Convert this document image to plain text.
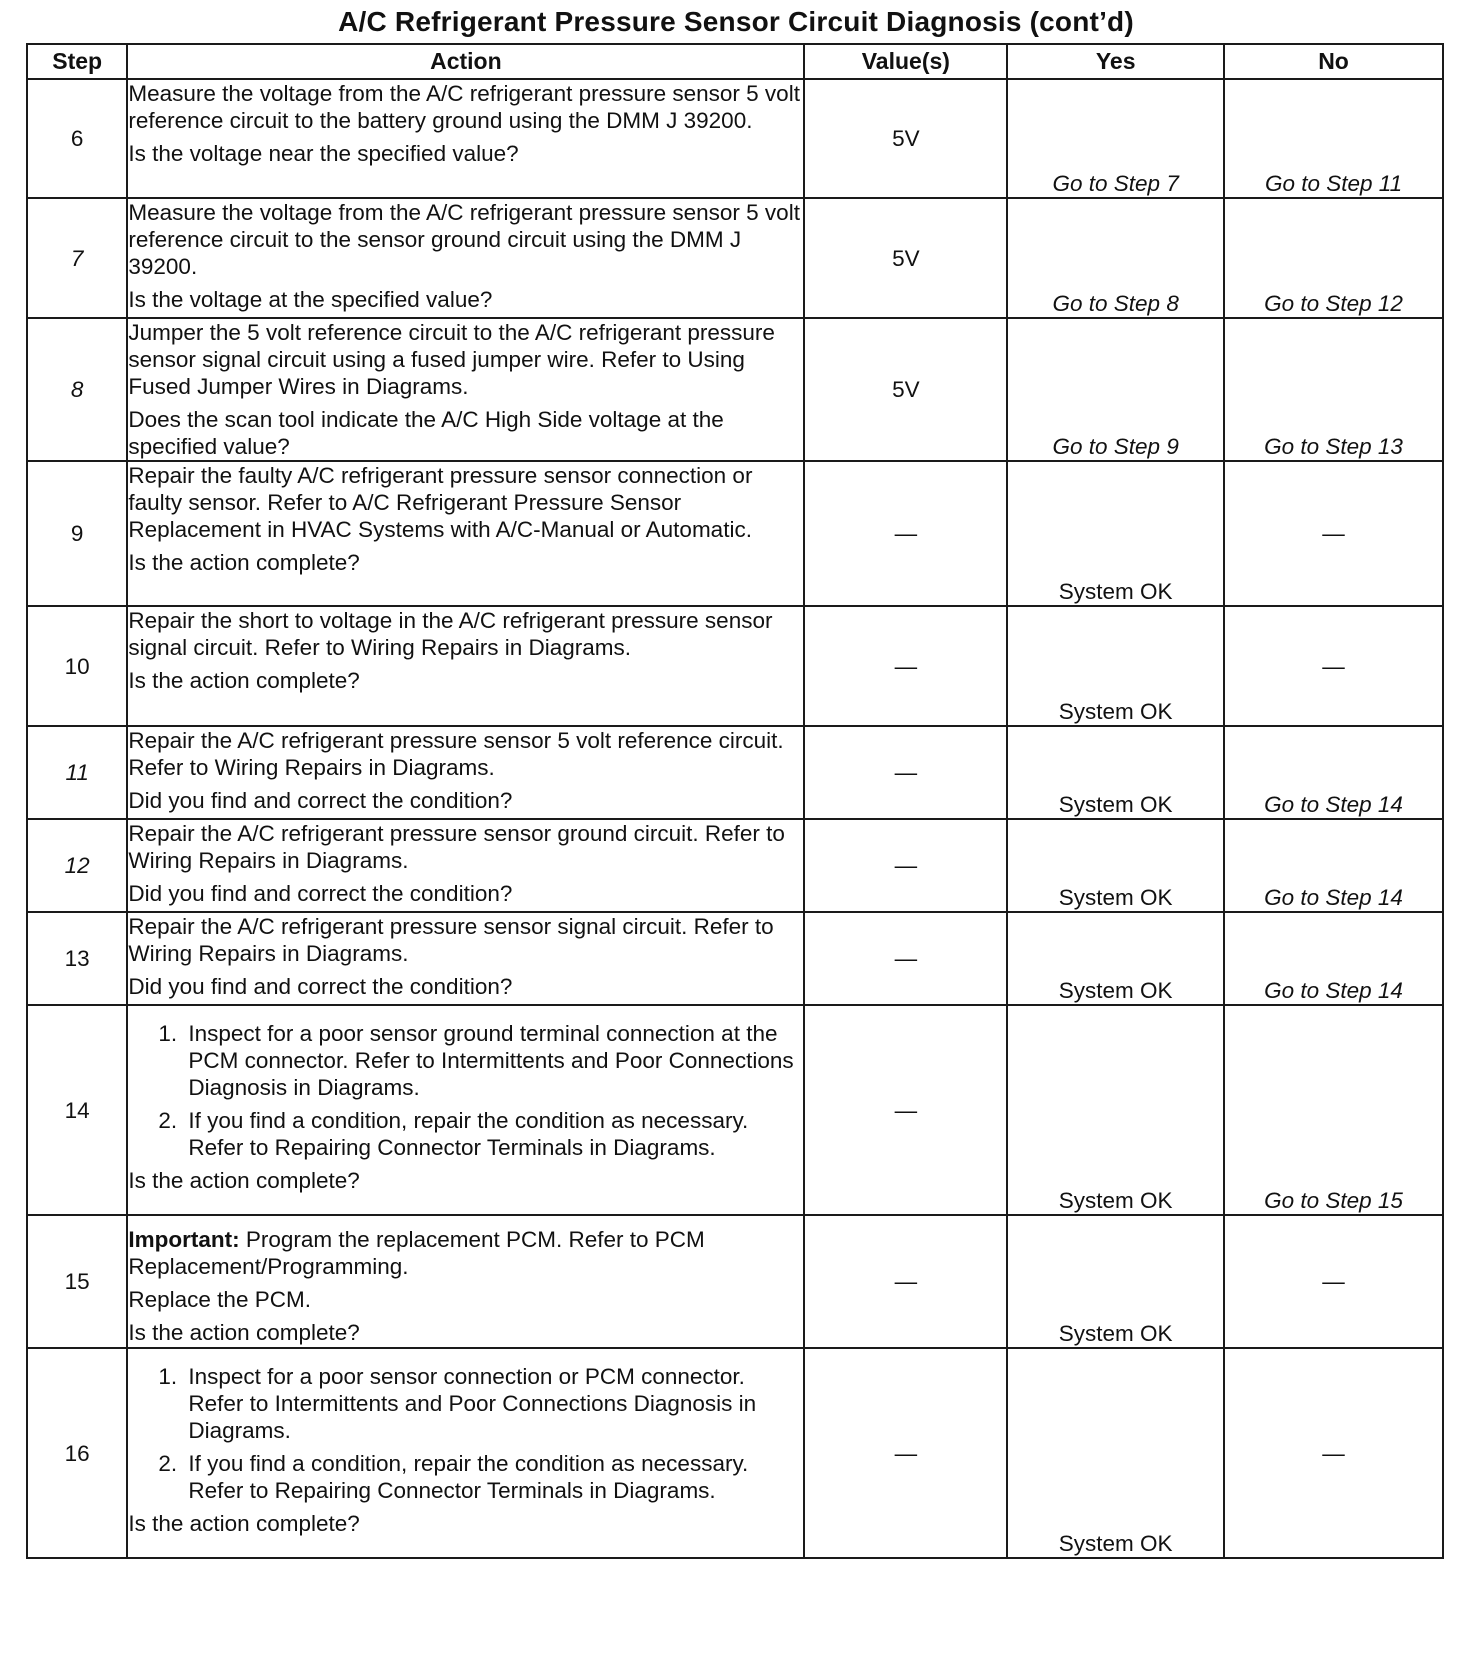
A/C Refrigerant Pressure Sensor Circuit Diagnosis (cont’d)
Step	Action	Value(s)	Yes	No
6	Measure the voltage from the A/C refrigerant pressure sensor 5 volt reference circuit to the battery ground using the DMM J 39200.

Is the voltage near the specified value?	5V	Go to Step 7	Go to Step 11
7	Measure the voltage from the A/C refrigerant pressure sensor 5 volt reference circuit to the sensor ground circuit using the DMM J 39200.

Is the voltage at the specified value?	5V	Go to Step 8	Go to Step 12
8	Jumper the 5 volt reference circuit to the A/C refrigerant pressure sensor signal circuit using a fused jumper wire. Refer to Using Fused Jumper Wires in Diagrams.

Does the scan tool indicate the A/C High Side voltage at the specified value?	5V	Go to Step 9	Go to Step 13
9	Repair the faulty A/C refrigerant pressure sensor connection or faulty sensor. Refer to A/C Refrigerant Pressure Sensor Replacement in HVAC Systems with A/C-Manual or Automatic.

Is the action complete?	—	System OK	—
10	Repair the short to voltage in the A/C refrigerant pressure sensor signal circuit. Refer to Wiring Repairs in Diagrams.

Is the action complete?	—	System OK	—
11	Repair the A/C refrigerant pressure sensor 5 volt reference circuit. Refer to Wiring Repairs in Diagrams.

Did you find and correct the condition?	—	System OK	Go to Step 14
12	Repair the A/C refrigerant pressure sensor ground circuit. Refer to Wiring Repairs in Diagrams.

Did you find and correct the condition?	—	System OK	Go to Step 14
13	Repair the A/C refrigerant pressure sensor signal circuit. Refer to Wiring Repairs in Diagrams.

Did you find and correct the condition?	—	System OK	Go to Step 14
14	1. Inspect for a poor sensor ground terminal connection at the PCM connector. Refer to Intermittents and Poor Connections Diagnosis in Diagrams.

2. If you find a condition, repair the condition as necessary. Refer to Repairing Connector Terminals in Diagrams.

Is the action complete?	—	System OK	Go to Step 15
15	Important: Program the replacement PCM. Refer to PCM Replacement/Programming.

Replace the PCM.

Is the action complete?	—	System OK	—
16	1. Inspect for a poor sensor connection or PCM connector. Refer to Intermittents and Poor Connections Diagnosis in Diagrams.

2. If you find a condition, repair the condition as necessary. Refer to Repairing Connector Terminals in Diagrams.

Is the action complete?	—	System OK	—
